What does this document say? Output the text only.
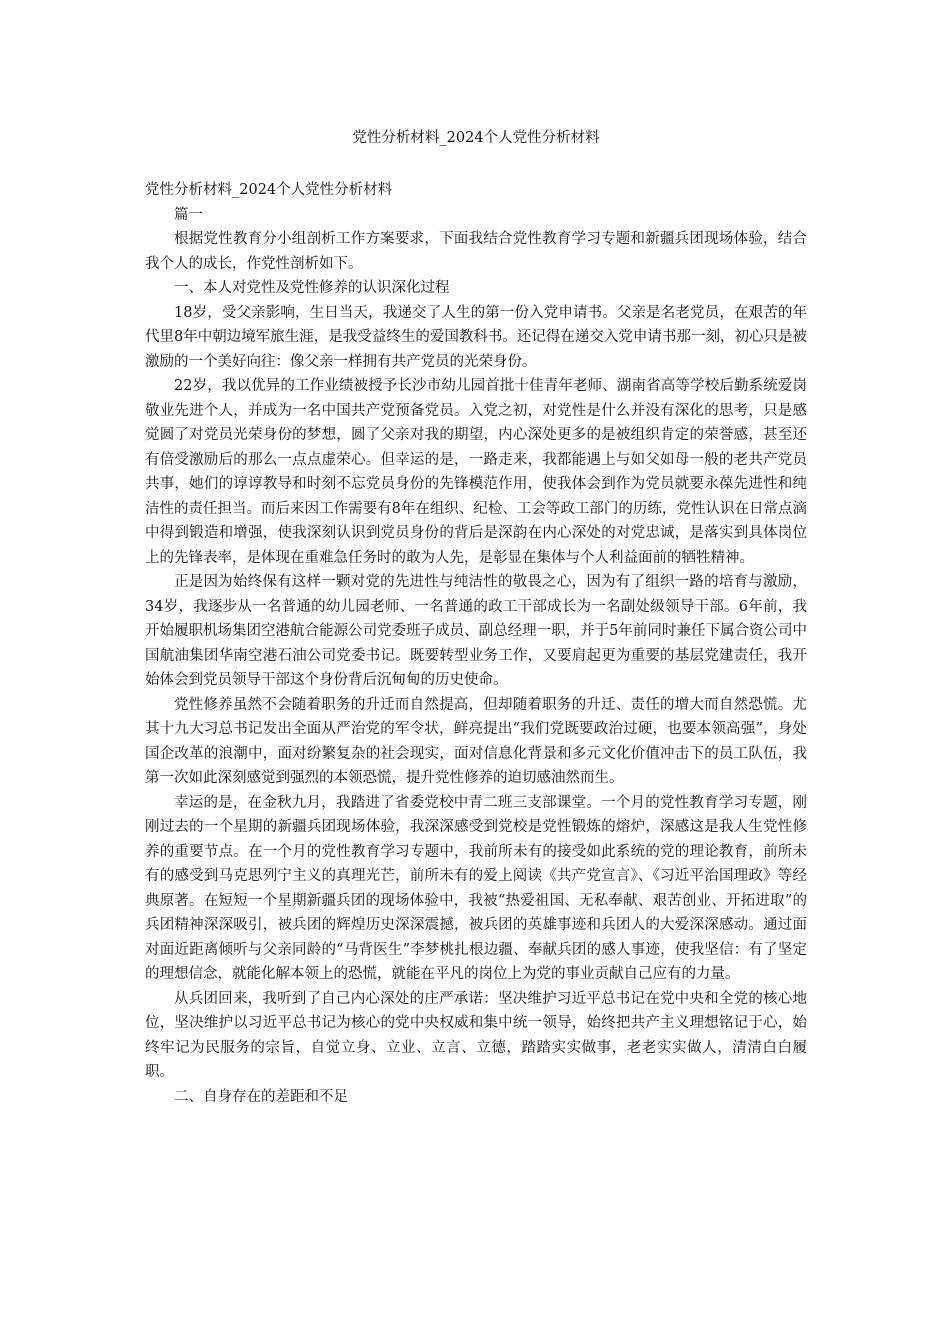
党性分析材料_2024个人党性分析材料

党性分析材料_2024个人党性分析材料

篇一

根据党性教育分小组剖析工作方案要求，下面我结合党性教育学习专题和新疆兵团现场体验，结合我个人的成长，作党性剖析如下。

一、本人对党性及党性修养的认识深化过程

18岁，受父亲影响，生日当天，我递交了人生的第一份入党申请书。父亲是名老党员，在艰苦的年代里8年中朝边境军旅生涯，是我受益终生的爱国教科书。还记得在递交入党申请书那一刻，初心只是被激励的一个美好向往：像父亲一样拥有共产党员的光荣身份。

22岁，我以优异的工作业绩被授予长沙市幼儿园首批十佳青年老师、湖南省高等学校后勤系统爱岗敬业先进个人，并成为一名中国共产党预备党员。入党之初，对党性是什么并没有深化的思考，只是感觉圆了对党员光荣身份的梦想，圆了父亲对我的期望，内心深处更多的是被组织肯定的荣誉感，甚至还有倍受激励后的那么一点点虚荣心。但幸运的是，一路走来，我都能遇上与如父如母一般的老共产党员共事，她们的谆谆教导和时刻不忘党员身份的先锋模范作用，使我体会到作为党员就要永葆先进性和纯洁性的责任担当。而后来因工作需要有8年在组织、纪检、工会等政工部门的历练，党性认识在日常点滴中得到锻造和增强，使我深刻认识到党员身份的背后是深韵在内心深处的对党忠诚，是落实到具体岗位上的先锋表率，是体现在重难急任务时的敢为人先，是彰显在集体与个人利益面前的牺牲精神。

正是因为始终保有这样一颗对党的先进性与纯洁性的敬畏之心，因为有了组织一路的培育与激励，34岁，我逐步从一名普通的幼儿园老师、一名普通的政工干部成长为一名副处级领导干部。6年前，我开始履职机场集团空港航合能源公司党委班子成员、副总经理一职，并于5年前同时兼任下属合资公司中国航油集团华南空港石油公司党委书记。既要转型业务工作，又要肩起更为重要的基层党建责任，我开始体会到党员领导干部这个身份背后沉甸甸的历史使命。

党性修养虽然不会随着职务的升迁而自然提高，但却随着职务的升迁、责任的增大而自然恐慌。尤其十九大习总书记发出全面从严治党的军令状，鲜亮提出“我们党既要政治过硬，也要本领高强”，身处国企改革的浪潮中，面对纷繁复杂的社会现实，面对信息化背景和多元文化价值冲击下的员工队伍，我第一次如此深刻感觉到强烈的本领恐慌，提升党性修养的迫切感油然而生。

幸运的是，在金秋九月，我踏进了省委党校中青二班三支部课堂。一个月的党性教育学习专题，刚刚过去的一个星期的新疆兵团现场体验，我深深感受到党校是党性锻炼的熔炉，深感这是我人生党性修养的重要节点。在一个月的党性教育学习专题中，我前所未有的接受如此系统的党的理论教育，前所未有的感受到马克思列宁主义的真理光芒，前所未有的爱上阅读《共产党宣言》、《习近平治国理政》等经典原著。在短短一个星期新疆兵团的现场体验中，我被“热爱祖国、无私奉献、艰苦创业、开拓进取”的兵团精神深深吸引，被兵团的辉煌历史深深震撼，被兵团的英雄事迹和兵团人的大爱深深感动。通过面对面近距离倾听与父亲同龄的“马背医生”李梦桃扎根边疆、奉献兵团的感人事迹，使我坚信：有了坚定的理想信念，就能化解本领上的恐慌，就能在平凡的岗位上为党的事业贡献自己应有的力量。

从兵团回来，我听到了自己内心深处的庄严承诺：坚决维护习近平总书记在党中央和全党的核心地位，坚决维护以习近平总书记为核心的党中央权威和集中统一领导，始终把共产主义理想铭记于心，始终牢记为民服务的宗旨，自觉立身、立业、立言、立德，踏踏实实做事，老老实实做人，清清白白履职。

二、自身存在的差距和不足
